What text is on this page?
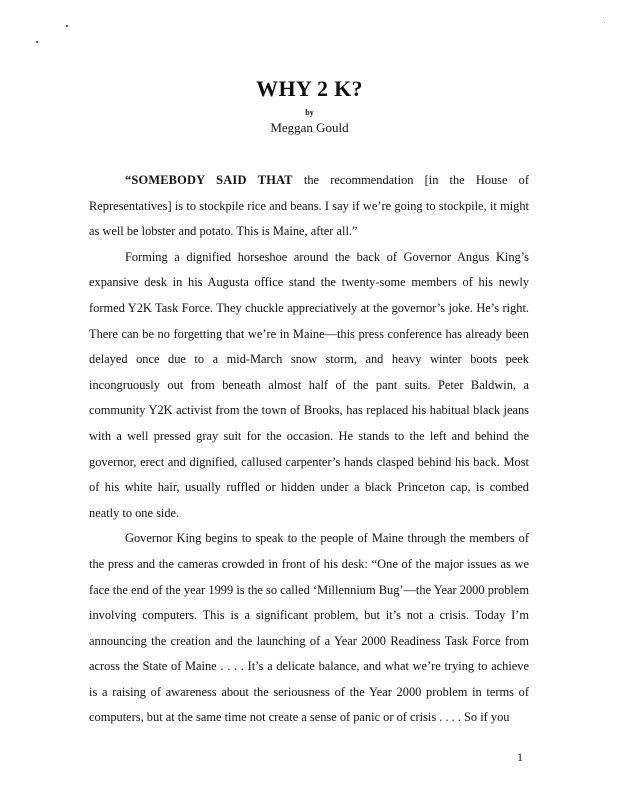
WHY 2 K?
by
Meggan Gould

“SOMEBODY SAID THAT the recommendation [in the House of Representatives] is to stockpile rice and beans. I say if we’re going to stockpile, it might as well be lobster and potato. This is Maine, after all.”

Forming a dignified horseshoe around the back of Governor Angus King’s expansive desk in his Augusta office stand the twenty-some members of his newly formed Y2K Task Force. They chuckle appreciatively at the governor’s joke. He’s right. There can be no forgetting that we’re in Maine—this press conference has already been delayed once due to a mid-March snow storm, and heavy winter boots peek incongruously out from beneath almost half of the pant suits. Peter Baldwin, a community Y2K activist from the town of Brooks, has replaced his habitual black jeans with a well pressed gray suit for the occasion. He stands to the left and behind the governor, erect and dignified, callused carpenter’s hands clasped behind his back. Most of his white hair, usually ruffled or hidden under a black Princeton cap, is combed neatly to one side.

Governor King begins to speak to the people of Maine through the members of the press and the cameras crowded in front of his desk: “One of the major issues as we face the end of the year 1999 is the so called ‘Millennium Bug’—the Year 2000 problem involving computers. This is a significant problem, but it’s not a crisis. Today I’m announcing the creation and the launching of a Year 2000 Readiness Task Force from across the State of Maine . . . . It’s a delicate balance, and what we’re trying to achieve is a raising of awareness about the seriousness of the Year 2000 problem in terms of computers, but at the same time not create a sense of panic or of crisis . . . . So if you

1
